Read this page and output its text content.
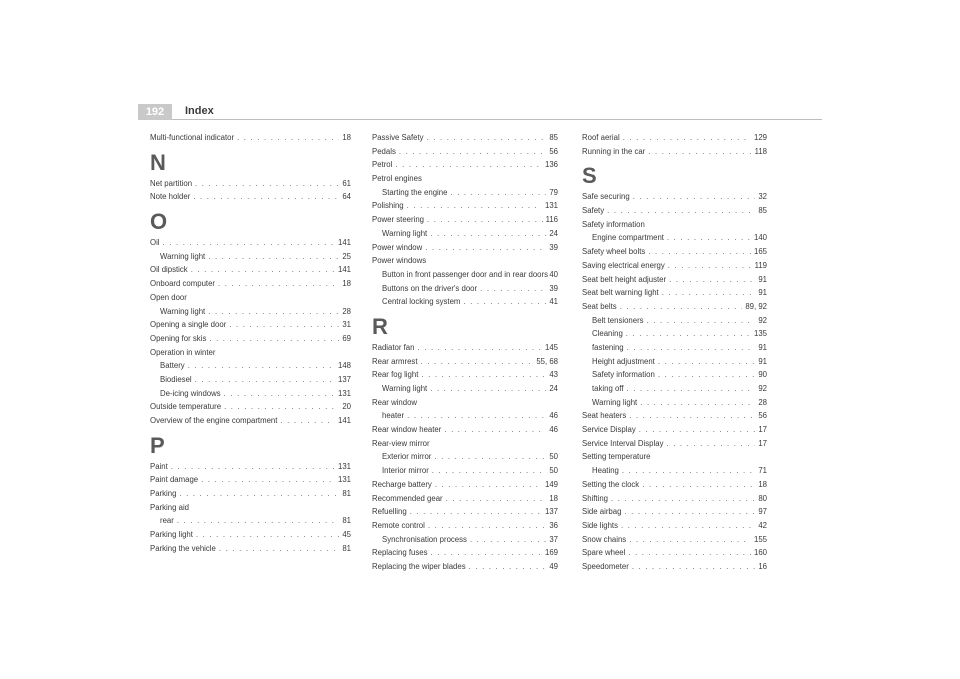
192	Index
Multi-functional indicator . . .	18
N
Net partition . . .	61
Note holder . . .	64
O
Oil . . .	141
Warning light . . .	25
Oil dipstick . . .	141
Onboard computer . . .	18
Open door
Warning light . . .	28
Opening a single door . . .	31
Opening for skis . . .	69
Operation in winter
Battery . . .	148
Biodiesel . . .	137
De-icing windows . . .	131
Outside temperature . . .	20
Overview of the engine compartment . . .	141
P
Paint . . .	131
Paint damage . . .	131
Parking . . .	81
Parking aid
rear . . .	81
Parking light . . .	45
Parking the vehicle . . .	81
Passive Safety . . .	85
Pedals . . .	56
Petrol . . .	136
Petrol engines
Starting the engine . . .	79
Polishing . . .	131
Power steering . . .	116
Warning light . . .	24
Power window . . .	39
Power windows
Button in front passenger door and in rear doors 40
Buttons on the driver's door . . .	39
Central locking system . . .	41
R
Radiator fan . . .	145
Rear armrest . . .	55, 68
Rear fog light . . .	43
Warning light . . .	24
Rear window
heater . . .	46
Rear window heater . . .	46
Rear-view mirror
Exterior mirror . . .	50
Interior mirror . . .	50
Recharge battery . . .	149
Recommended gear . . .	18
Refuelling . . .	137
Remote control . . .	36
Synchronisation process . . .	37
Replacing fuses . . .	169
Replacing the wiper blades . . .	49
Roof aerial . . .	129
Running in the car . . .	118
S
Safe securing . . .	32
Safety . . .	85
Safety information
Engine compartment . . .	140
Safety wheel bolts . . .	165
Saving electrical energy . . .	119
Seat belt height adjuster . . .	91
Seat belt warning light . . .	91
Seat belts . . .	89, 92
Belt tensioners . . .	92
Cleaning . . .	135
fastening . . .	91
Height adjustment . . .	91
Safety information . . .	90
taking off . . .	92
Warning light . . .	28
Seat heaters . . .	56
Service Display . . .	17
Service Interval Display . . .	17
Setting temperature
Heating . . .	71
Setting the clock . . .	18
Shifting . . .	80
Side airbag . . .	97
Side lights . . .	42
Snow chains . . .	155
Spare wheel . . .	160
Speedometer . . .	16
